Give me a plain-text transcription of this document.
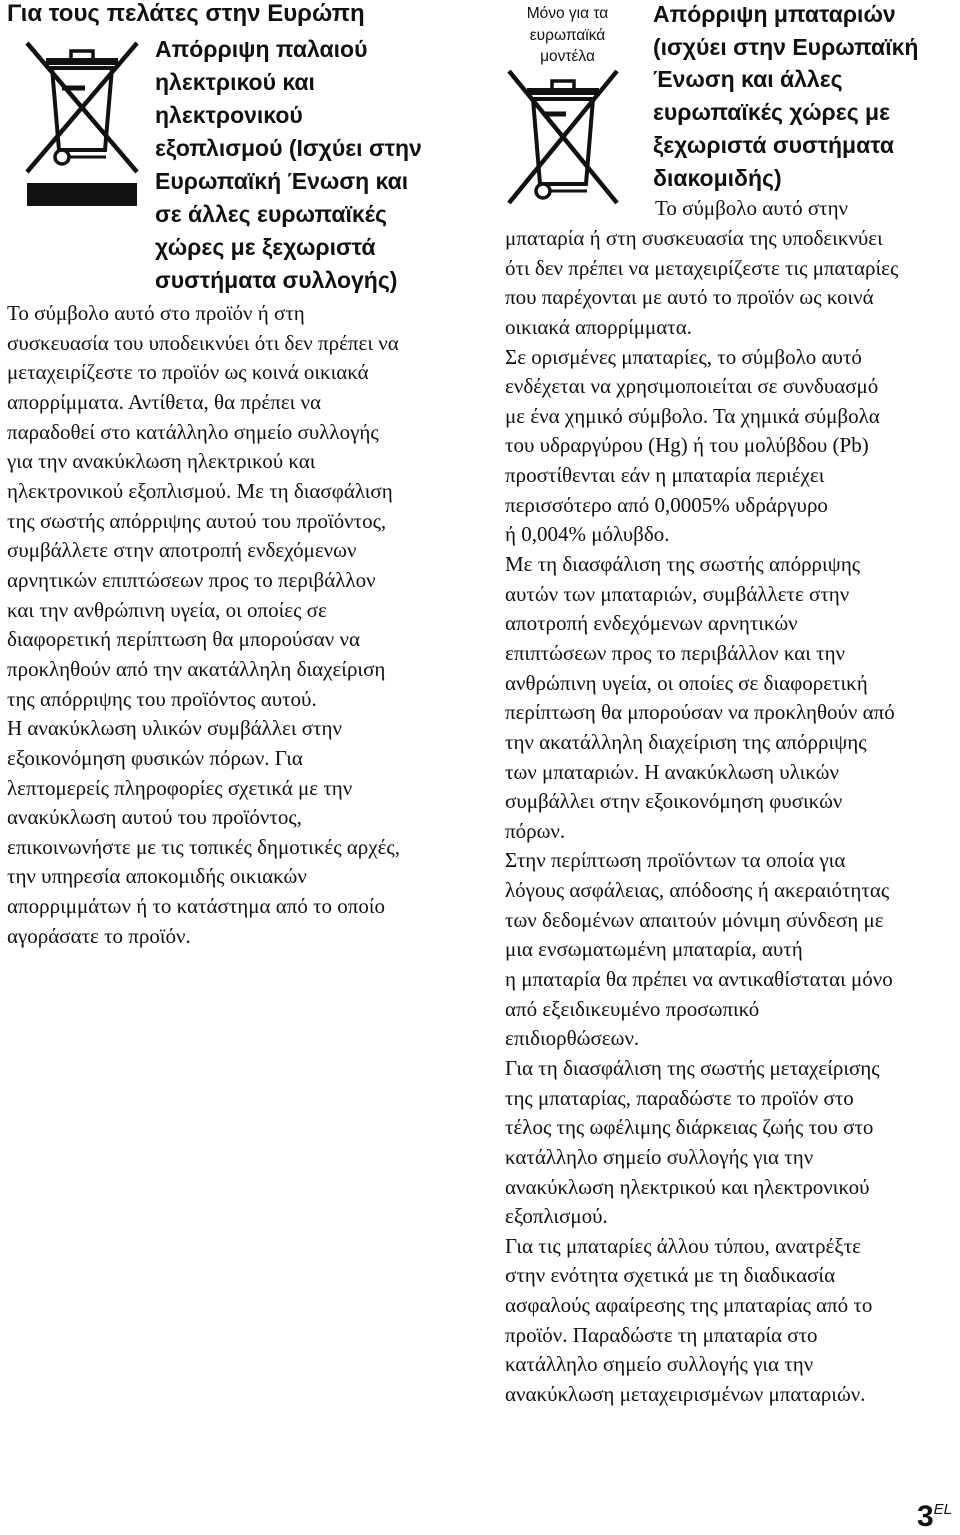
Για τους πελάτες στην Ευρώπη
Απόρριψη παλαιού
ηλεκτρικού και
ηλεκτρονικού
εξοπλισμού (Ισχύει στην
Ευρωπαϊκή Ένωση και
σε άλλες ευρωπαϊκές
χώρες με ξεχωριστά
συστήματα συλλογής)
Το σύμβολο αυτό στο προϊόν ή στη
συσκευασία του υποδεικνύει ότι δεν πρέπει να
μεταχειρίζεστε το προϊόν ως κοινά οικιακά
απορρίμματα. Αντίθετα, θα πρέπει να
παραδοθεί στο κατάλληλο σημείο συλλογής
για την ανακύκλωση ηλεκτρικού και
ηλεκτρονικού εξοπλισμού. Με τη διασφάλιση
της σωστής απόρριψης αυτού του προϊόντος,
συμβάλλετε στην αποτροπή ενδεχόμενων
αρνητικών επιπτώσεων προς το περιβάλλον
και την ανθρώπινη υγεία, οι οποίες σε
διαφορετική περίπτωση θα μπορούσαν να
προκληθούν από την ακατάλληλη διαχείριση
της απόρριψης του προϊόντος αυτού.
Η ανακύκλωση υλικών συμβάλλει στην
εξοικονόμηση φυσικών πόρων. Για
λεπτομερείς πληροφορίες σχετικά με την
ανακύκλωση αυτού του προϊόντος,
επικοινωνήστε με τις τοπικές δημοτικές αρχές,
την υπηρεσία αποκομιδής οικιακών
απορριμμάτων ή το κατάστημα από το οποίο
αγοράσατε το προϊόν.
Μόνο για τα
ευρωπαϊκά
μοντέλα
Απόρριψη μπαταριών
(ισχύει στην Ευρωπαϊκή
Ένωση και άλλες
ευρωπαϊκές χώρες με
ξεχωριστά συστήματα
διακομιδής)
Το σύμβολο αυτό στην
μπαταρία ή στη συσκευασία της υποδεικνύει
ότι δεν πρέπει να μεταχειρίζεστε τις μπαταρίες
που παρέχονται με αυτό το προϊόν ως κοινά
οικιακά απορρίμματα.
Σε ορισμένες μπαταρίες, το σύμβολο αυτό
ενδέχεται να χρησιμοποιείται σε συνδυασμό
με ένα χημικό σύμβολο. Τα χημικά σύμβολα
του υδραργύρου (Hg) ή του μολύβδου (Pb)
προστίθενται εάν η μπαταρία περιέχει
περισσότερο από 0,0005% υδράργυρο
ή 0,004% μόλυβδο.
Με τη διασφάλιση της σωστής απόρριψης
αυτών των μπαταριών, συμβάλλετε στην
αποτροπή ενδεχόμενων αρνητικών
επιπτώσεων προς το περιβάλλον και την
ανθρώπινη υγεία, οι οποίες σε διαφορετική
περίπτωση θα μπορούσαν να προκληθούν από
την ακατάλληλη διαχείριση της απόρριψης
των μπαταριών. Η ανακύκλωση υλικών
συμβάλλει στην εξοικονόμηση φυσικών
πόρων.
Στην περίπτωση προϊόντων τα οποία για
λόγους ασφάλειας, απόδοσης ή ακεραιότητας
των δεδομένων απαιτούν μόνιμη σύνδεση με
μια ενσωματωμένη μπαταρία, αυτή
η μπαταρία θα πρέπει να αντικαθίσταται μόνο
από εξειδικευμένο προσωπικό
επιδιορθώσεων.
Για τη διασφάλιση της σωστής μεταχείρισης
της μπαταρίας, παραδώστε το προϊόν στο
τέλος της ωφέλιμης διάρκειας ζωής του στο
κατάλληλο σημείο συλλογής για την
ανακύκλωση ηλεκτρικού και ηλεκτρονικού
εξοπλισμού.
Για τις μπαταρίες άλλου τύπου, ανατρέξτε
στην ενότητα σχετικά με τη διαδικασία
ασφαλούς αφαίρεσης της μπαταρίας από το
προϊόν. Παραδώστε τη μπαταρία στο
κατάλληλο σημείο συλλογής για την
ανακύκλωση μεταχειρισμένων μπαταριών.
3EL
